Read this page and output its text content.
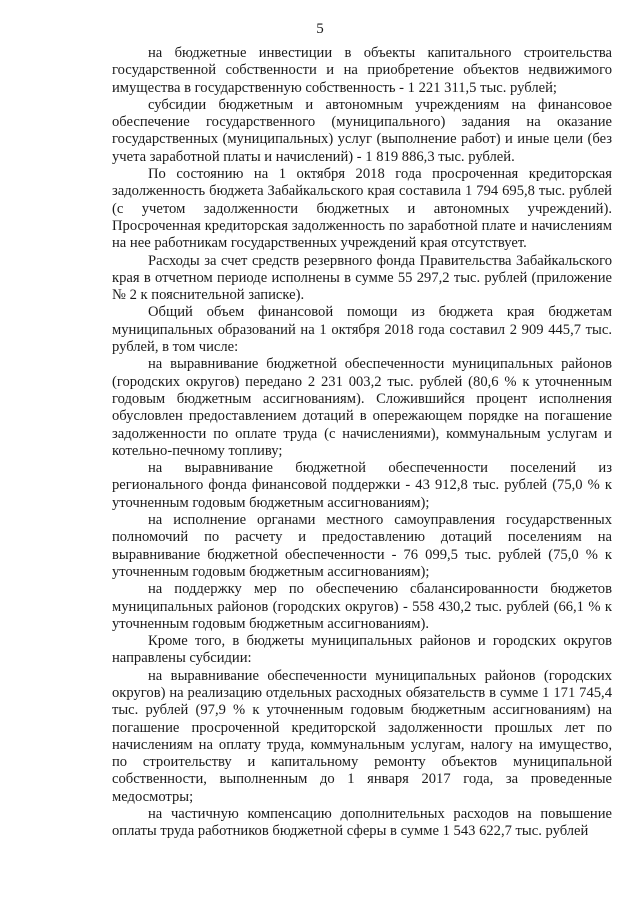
5

на бюджетные инвестиции в объекты капитального строительства государственной собственности и на приобретение объектов недвижимого имущества в государственную собственность - 1 221 311,5 тыс. рублей;

субсидии бюджетным и автономным учреждениям на финансовое обеспечение государственного (муниципального) задания на оказание государственных (муниципальных) услуг (выполнение работ) и иные цели (без учета заработной платы и начислений) - 1 819 886,3 тыс. рублей.

По состоянию на 1 октября 2018 года просроченная кредиторская задолженность бюджета Забайкальского края составила 1 794 695,8 тыс. рублей (с учетом задолженности бюджетных и автономных учреждений). Просроченная кредиторская задолженность по заработной плате и начислениям на нее работникам государственных учреждений края отсутствует.

Расходы за счет средств резервного фонда Правительства Забайкальского края в отчетном периоде исполнены в сумме 55 297,2 тыс. рублей (приложение № 2 к пояснительной записке).

Общий объем финансовой помощи из бюджета края бюджетам муниципальных образований на 1 октября 2018 года составил 2 909 445,7 тыс. рублей, в том числе:

на выравнивание бюджетной обеспеченности муниципальных районов (городских округов) передано 2 231 003,2 тыс. рублей (80,6 % к уточненным годовым бюджетным ассигнованиям). Сложившийся процент исполнения обусловлен предоставлением дотаций в опережающем порядке на погашение задолженности по оплате труда (с начислениями), коммунальным услугам и котельно-печному топливу;

на выравнивание бюджетной обеспеченности поселений из регионального фонда финансовой поддержки - 43 912,8 тыс. рублей (75,0 % к уточненным годовым бюджетным ассигнованиям);

на исполнение органами местного самоуправления государственных полномочий по расчету и предоставлению дотаций поселениям на выравнивание бюджетной обеспеченности - 76 099,5 тыс. рублей (75,0 % к уточненным годовым бюджетным ассигнованиям);

на поддержку мер по обеспечению сбалансированности бюджетов муниципальных районов (городских округов) - 558 430,2 тыс. рублей (66,1 % к уточненным годовым бюджетным ассигнованиям).

Кроме того, в бюджеты муниципальных районов и городских округов направлены субсидии:

на выравнивание обеспеченности муниципальных районов (городских округов) на реализацию отдельных расходных обязательств в сумме 1 171 745,4 тыс. рублей (97,9 % к уточненным годовым бюджетным ассигнованиям) на погашение просроченной кредиторской задолженности прошлых лет по начислениям на оплату труда, коммунальным услугам, налогу на имущество, по строительству и капитальному ремонту объектов муниципальной собственности, выполненным до 1 января 2017 года, за проведенные медосмотры;

на частичную компенсацию дополнительных расходов на повышение оплаты труда работников бюджетной сферы в сумме 1 543 622,7 тыс. рублей
